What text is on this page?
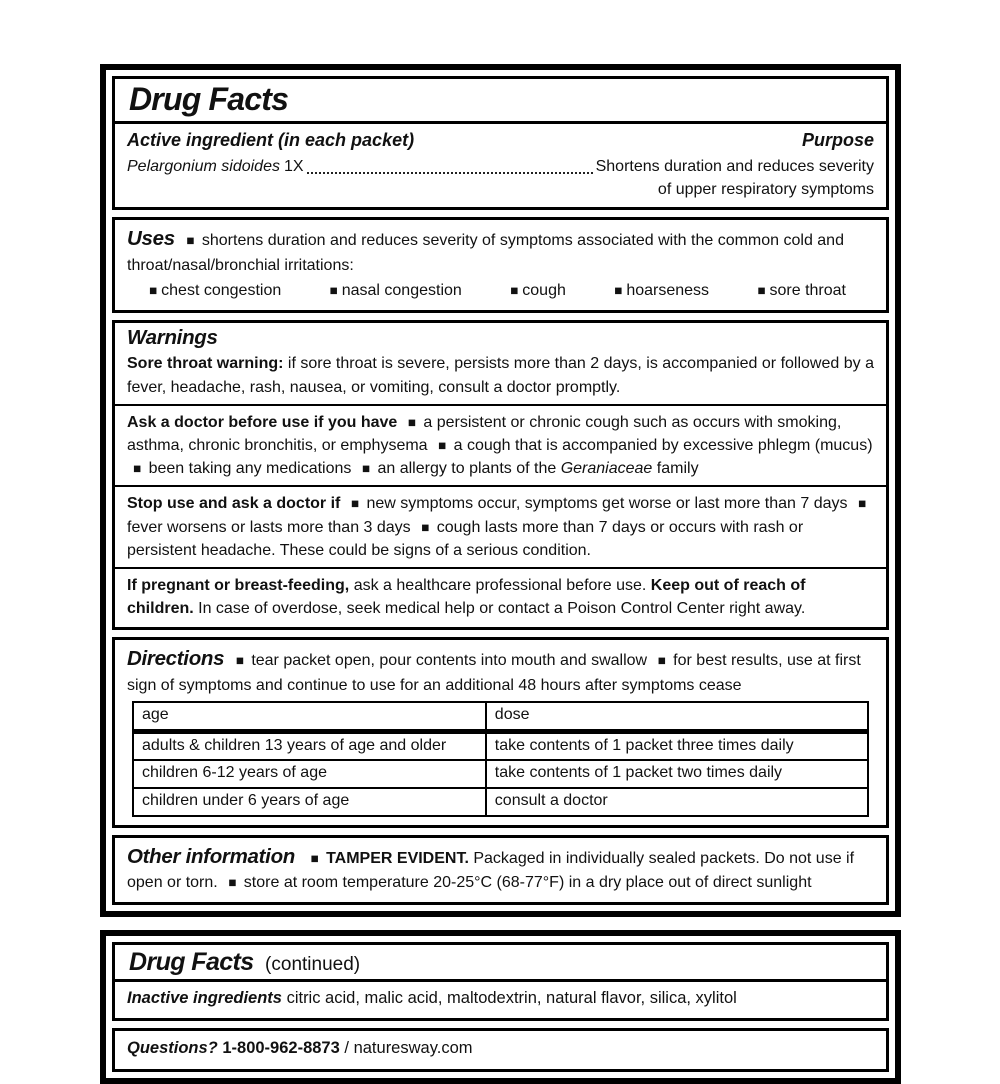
Drug Facts
Active ingredient (in each packet)	Purpose
Pelargonium sidoides 1X	Shortens duration and reduces severity
of upper respiratory symptoms

Uses ■ shortens duration and reduces severity of symptoms associated with the common cold and throat/nasal/bronchial irritations:

■ chest congestion	■ nasal congestion	■ cough	■ hoarseness	■ sore throat
Warnings

Sore throat warning: if sore throat is severe, persists more than 2 days, is accompanied or followed by a fever, headache, rash, nausea, or vomiting, consult a doctor promptly.

Ask a doctor before use if you have ■ a persistent or chronic cough such as occurs with smoking, asthma, chronic bronchitis, or emphysema ■ a cough that is accompanied by excessive phlegm (mucus) ■ been taking any medications ■ an allergy to plants of the Geraniaceae family

Stop use and ask a doctor if ■ new symptoms occur, symptoms get worse or last more than 7 days ■ fever worsens or lasts more than 3 days ■ cough lasts more than 7 days or occurs with rash or persistent headache. These could be signs of a serious condition.

If pregnant or breast-feeding, ask a healthcare professional before use. Keep out of reach of children. In case of overdose, seek medical help or contact a Poison Control Center right away.

Directions ■ tear packet open, pour contents into mouth and swallow ■ for best results, use at first sign of symptoms and continue to use for an additional 48 hours after symptoms cease

age	dose
adults & children 13 years of age and older	take contents of 1 packet three times daily
children 6-12 years of age	take contents of 1 packet two times daily
children under 6 years of age	consult a doctor

Other information ■ TAMPER EVIDENT. Packaged in individually sealed packets. Do not use if open or torn. ■ store at room temperature 20-25°C (68-77°F) in a dry place out of direct sunlight

Drug Facts (continued)
Inactive ingredients citric acid, malic acid, maltodextrin, natural flavor, silica, xylitol
Questions? 1-800-962-8873 / naturesway.com
